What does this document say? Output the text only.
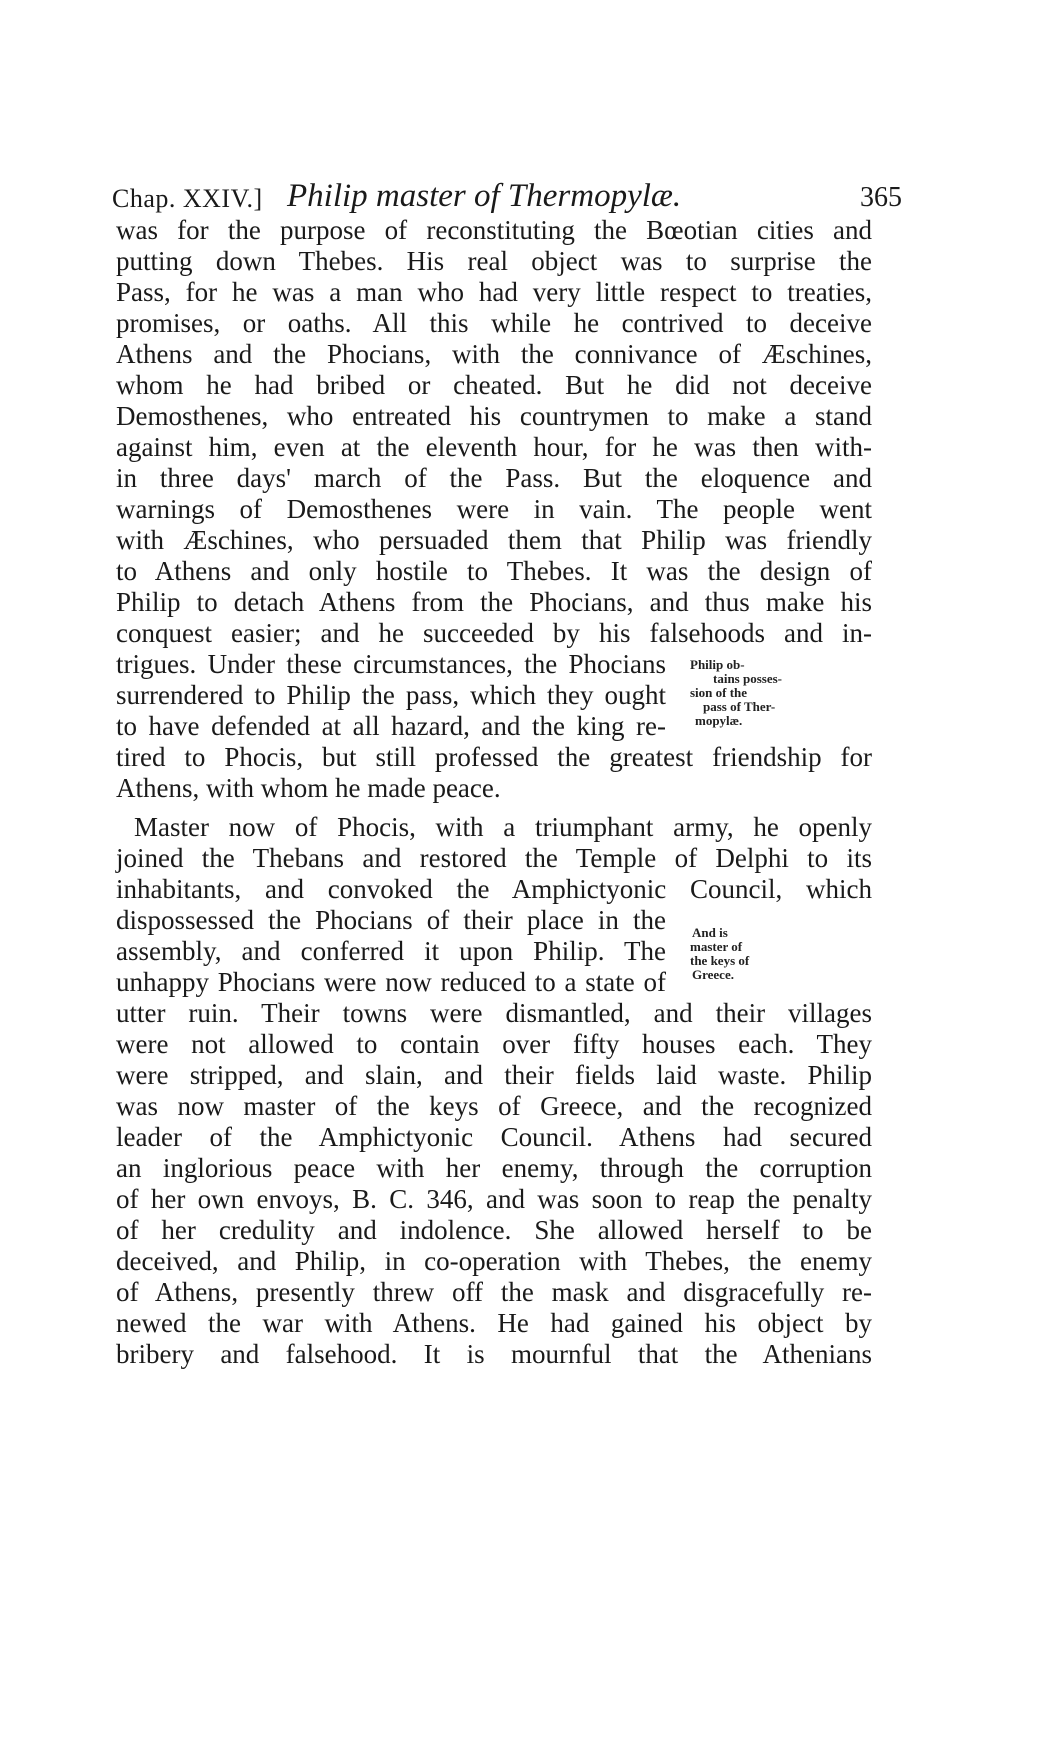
Chap. XXIV.] Philip master of Thermopylæ.	365
was for the purpose of reconstituting the Bœotian cities and
putting down Thebes. His real object was to surprise the
Pass, for he was a man who had very little respect to treaties,
promises, or oaths. All this while he contrived to deceive
Athens and the Phocians, with the connivance of Æschines,
whom he had bribed or cheated. But he did not deceive
Demosthenes, who entreated his countrymen to make a stand
against him, even at the eleventh hour, for he was then with-
in three days' march of the Pass. But the eloquence and
warnings of Demosthenes were in vain. The people went
with Æschines, who persuaded them that Philip was friendly
to Athens and only hostile to Thebes. It was the design of
Philip to detach Athens from the Phocians, and thus make his
conquest easier; and he succeeded by his falsehoods and in-
trigues. Under these circumstances, the Phocians
surrendered to Philip the pass, which they ought
to have defended at all hazard, and the king re-
tired to Phocis, but still professed the greatest friendship for
Athens, with whom he made peace.
Master now of Phocis, with a triumphant army, he openly
joined the Thebans and restored the Temple of Delphi to its
inhabitants, and convoked the Amphictyonic Council, which
dispossessed the Phocians of their place in the
assembly, and conferred it upon Philip. The
unhappy Phocians were now reduced to a state of
utter ruin. Their towns were dismantled, and their villages
were not allowed to contain over fifty houses each. They
were stripped, and slain, and their fields laid waste. Philip
was now master of the keys of Greece, and the recognized
leader of the Amphictyonic Council. Athens had secured
an inglorious peace with her enemy, through the corruption
of her own envoys, B. C. 346, and was soon to reap the penalty
of her credulity and indolence. She allowed herself to be
deceived, and Philip, in co-operation with Thebes, the enemy
of Athens, presently threw off the mask and disgracefully re-
newed the war with Athens. He had gained his object by
bribery and falsehood. It is mournful that the Athenians
Philip ob-
tains posses-
sion of the
pass of Ther-
mopylæ.
And is
master of
the keys of
Greece.
